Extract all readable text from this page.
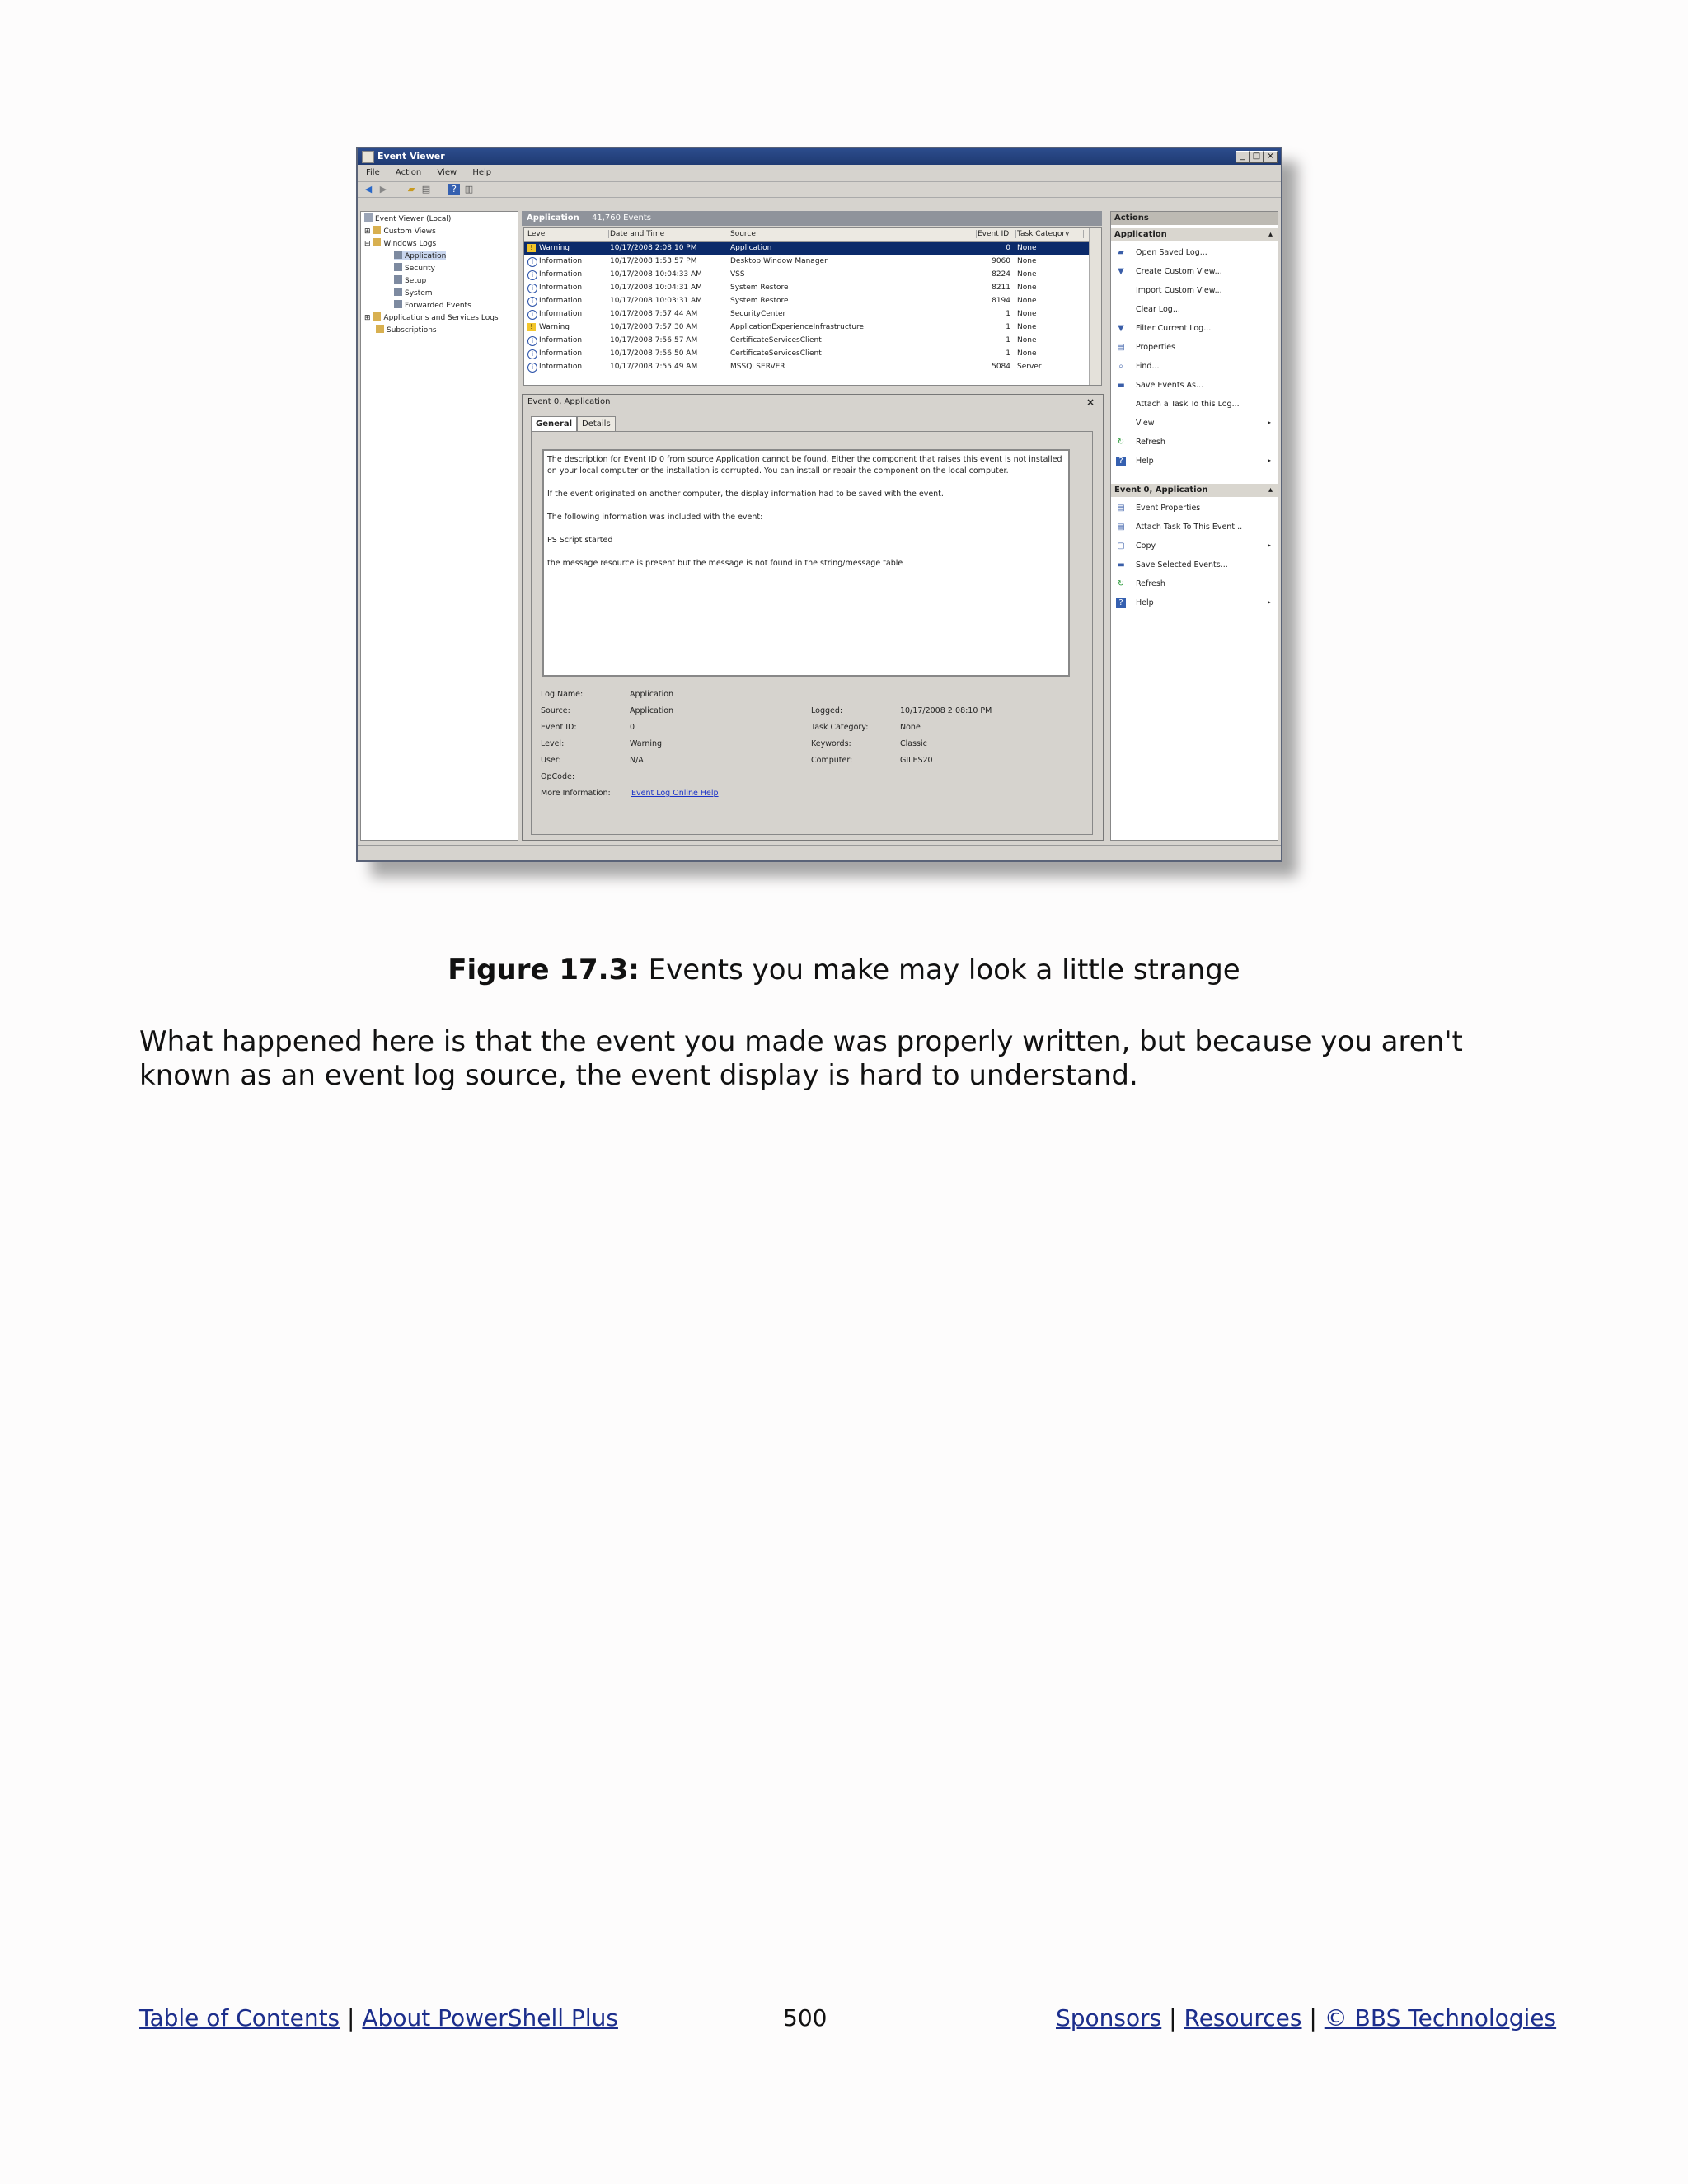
Event Viewer	_ □ ×
File Action View Help
◀ ▶ ▰ ▤	? ▥
Event Viewer (Local)
⊞ Custom Views
⊟ Windows Logs
Application
Security
Setup
System
Forwarded Events
⊞ Applications and Services Logs
Subscriptions
Application 41,760 Events
Level	Date and Time	Source	Event ID	Task Category
! Warning	10/17/2008 2:08:10 PM	Application	0 None
i Information	10/17/2008 1:53:57 PM	Desktop Window Manager	9060 None
i Information	10/17/2008 10:04:33 AM	VSS	8224 None
i Information	10/17/2008 10:04:31 AM	System Restore	8211 None
i Information	10/17/2008 10:03:31 AM	System Restore	8194 None
i Information	10/17/2008 7:57:44 AM	SecurityCenter	1 None
! Warning	10/17/2008 7:57:30 AM	ApplicationExperienceInfrastructure	1 None
i Information	10/17/2008 7:56:57 AM	CertificateServicesClient	1 None
i Information	10/17/2008 7:56:50 AM	CertificateServicesClient	1 None
i Information	10/17/2008 7:55:49 AM	MSSQLSERVER	5084 Server
Event 0, Application	×
General Details

The description for Event ID 0 from source Application cannot be found. Either the component that raises this event is not installed on your local computer or the installation is corrupted. You can install or repair the component on the local computer.

If the event originated on another computer, the display information had to be saved with the event.

The following information was included with the event:

PS Script started

the message resource is present but the message is not found in the string/message table

Log Name:	Application
Source:	Application	Logged:	10/17/2008 2:08:10 PM
Event ID:	0	Task Category:	None
Level:	Warning	Keywords:	Classic
User:	N/A	Computer:	GILES20
OpCode:
More Information:	Event Log Online Help
Actions
Application	▴
▰ Open Saved Log...
▼ Create Custom View...
Import Custom View...
Clear Log...
▼ Filter Current Log...
▤ Properties
⌕	Find...
▬ Save Events As...
Attach a Task To this Log...
View	▸
↻ Refresh
?	Help	▸
Event 0, Application	▴
▤ Event Properties
▤ Attach Task To This Event...
▢ Copy	▸
▬ Save Selected Events...
↻ Refresh
?	Help	▸
Figure 17.3: Events you make may look a little strange
What happened here is that the event you made was properly written, but because you aren't known as an event log source, the event display is hard to understand.
Table of Contents | About PowerShell Plus	500	Sponsors | Resources | © BBS Technologies
